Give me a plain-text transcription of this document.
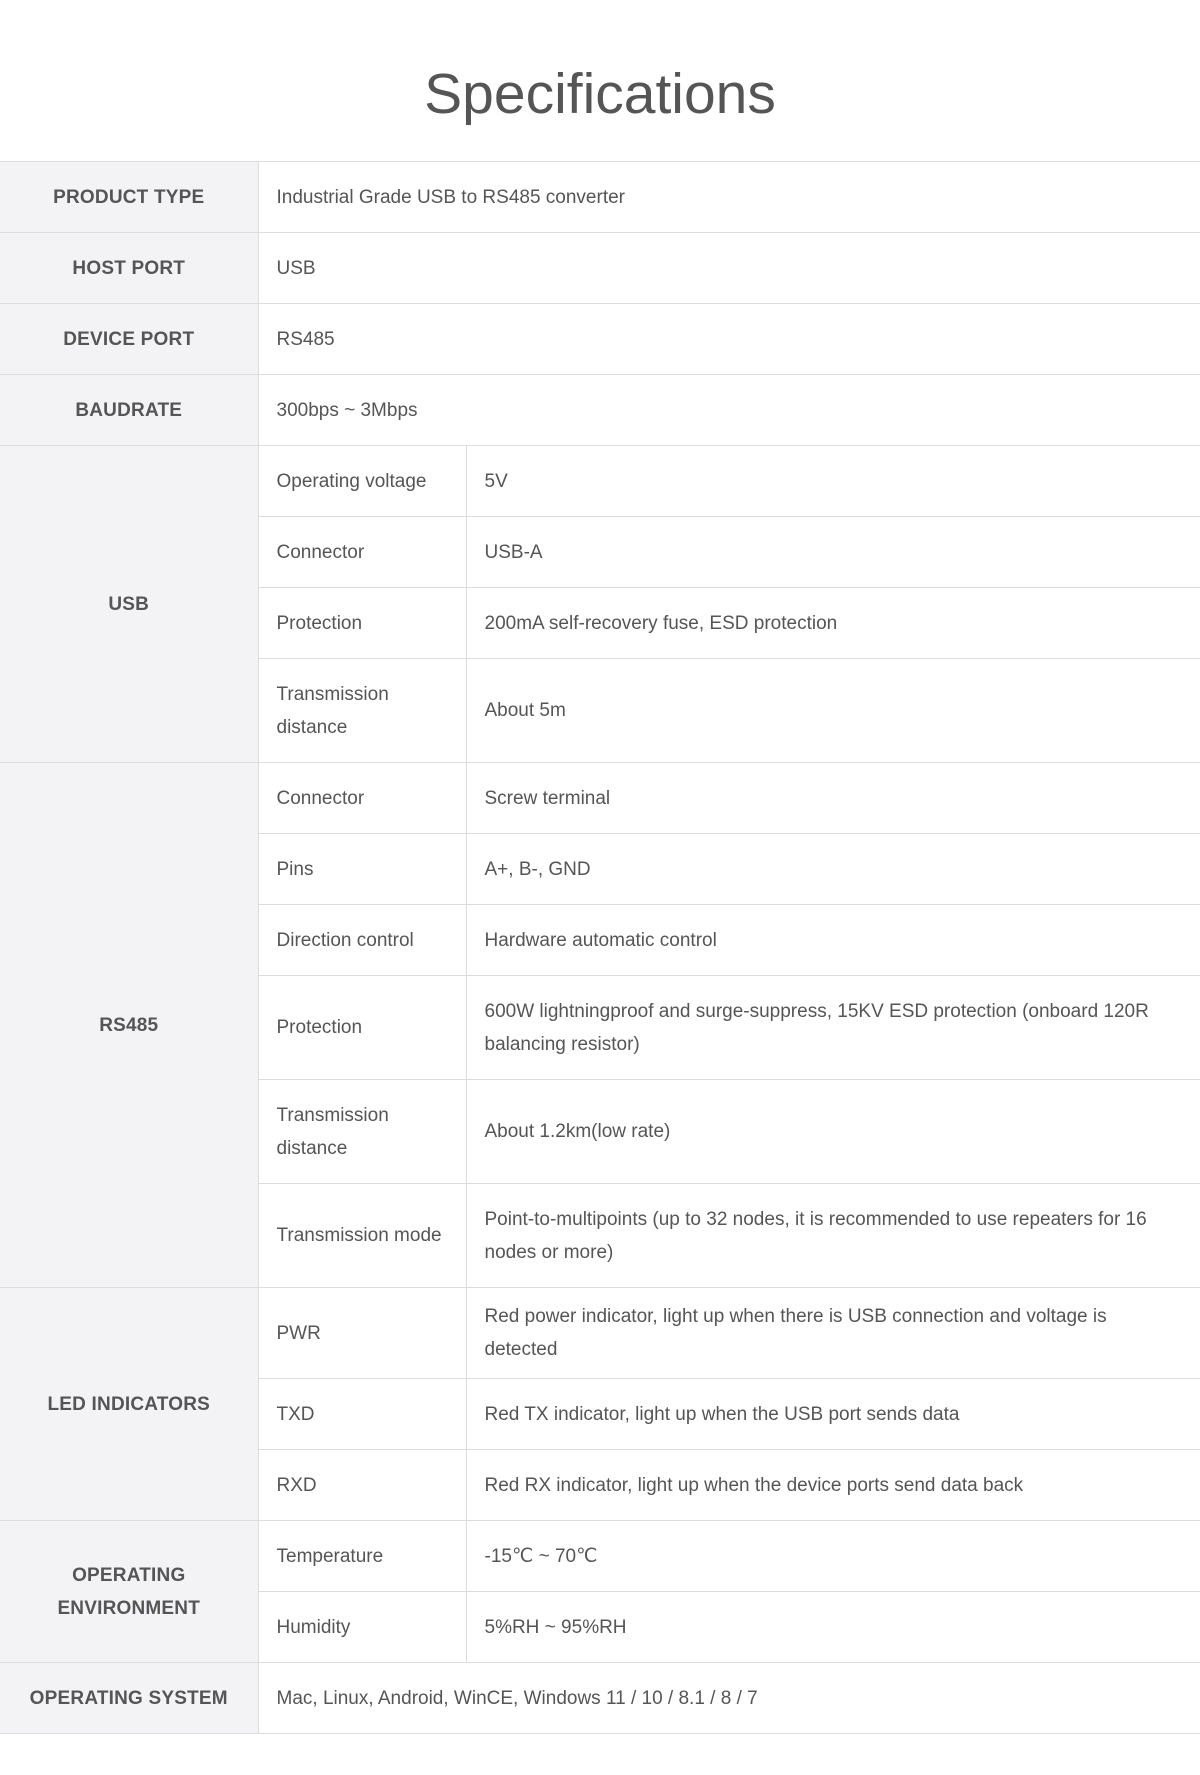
Specifications
PRODUCT TYPE	Industrial Grade USB to RS485 converter	
HOST PORT	USB	
DEVICE PORT	RS485	
BAUDRATE	300bps ~ 3Mbps	
USB	Operating voltage	5V
	Connector	USB-A
	Protection	200mA self-recovery fuse, ESD protection
	Transmission distance	About 5m
RS485	Connector	Screw terminal
	Pins	A+, B-, GND
	Direction control	Hardware automatic control
	Protection	600W lightningproof and surge-suppress, 15KV ESD protection (onboard 120R balancing resistor)
	Transmission distance	About 1.2km(low rate)
	Transmission mode	Point-to-multipoints (up to 32 nodes, it is recommended to use repeaters for 16 nodes or more)
LED INDICATORS	PWR	Red power indicator, light up when there is USB connection and voltage is detected
	TXD	Red TX indicator, light up when the USB port sends data
	RXD	Red RX indicator, light up when the device ports send data back
OPERATING ENVIRONMENT	Temperature	-15℃ ~ 70℃
	Humidity	5%RH ~ 95%RH
OPERATING SYSTEM	Mac, Linux, Android, WinCE, Windows 11 / 10 / 8.1 / 8 / 7	
